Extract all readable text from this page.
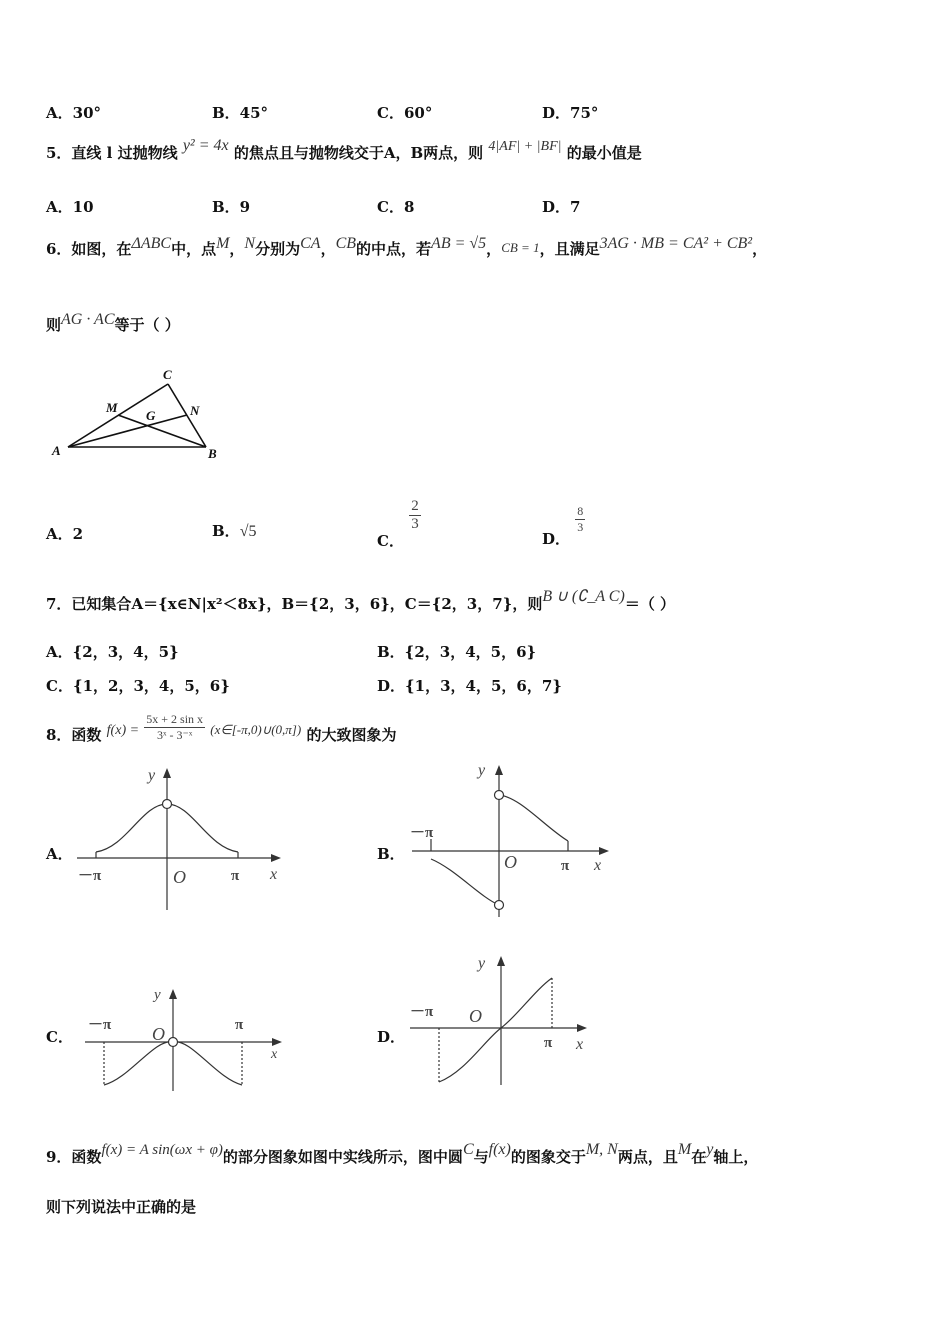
A．30°	B．45°	C．60°	D．75°
5．直线 l 过抛物线 y² = 4x 的焦点且与抛物线交于A，B两点，则 4|AF| + |BF| 的最小值是
A．10	B．9	C．8	D．7
6．如图，在ΔABC中，点M，N分别为CA，CB的中点，若AB = √5，CB = 1，且满足3AG · MB = CA² + CB²，
则AG · AC等于（ ）
A	B
C
M	N
G
A．2	B．√5	C．
$\frac{2}{3}$
D．
$\frac{8}{3}$
7．已知集合A＝{x∈N|x²＜8x}，B＝{2，3，6}，C＝{2，3，7}，则B ∪ (∁_A C)＝（ ）
A．{2，3，4，5}	B．{2，3，4，5，6}
C．{1，2，3，4，5，6}	D．{1，3，4，5，6，7}
8．函数 $f(x) = \frac{\text{5x + 2 sin x}}{\text{3ˣ - 3⁻ˣ}}$ (x∈[-π,0)∪(0,π]) 的大致图象为
A．
y
x
O
－π	π
B．
y
x
O
－π
π
C．
y
x
O
－π	π
D．
y
x
O
－π
π
9．函数f(x) = A sin(ωx + φ)的部分图象如图中实线所示，图中圆C与f(x)的图象交于M, N两点，且M在y轴上，
则下列说法中正确的是
